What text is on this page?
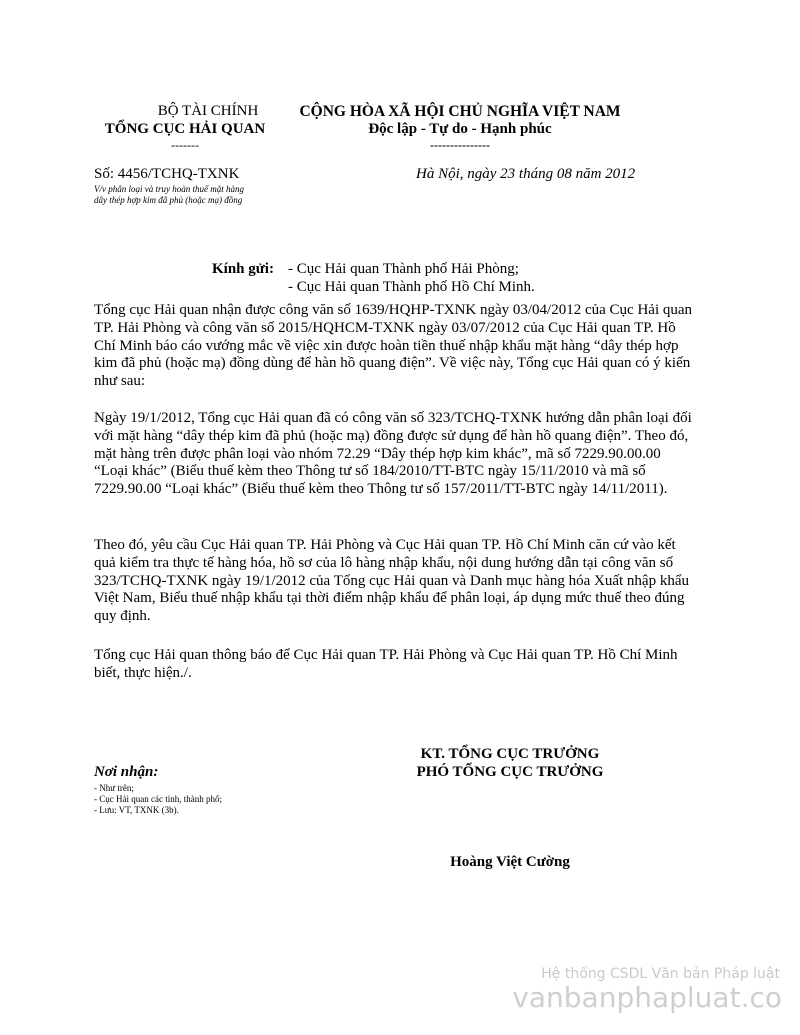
BỘ TÀI CHÍNH
TỔNG CỤC HẢI QUAN
-------
CỘNG HÒA XÃ HỘI CHỦ NGHĨA VIỆT NAM
Độc lập - Tự do - Hạnh phúc
---------------
Số: 4456/TCHQ-TXNK
V/v phân loại và truy hoàn thuế mặt hàng
dây thép hợp kim đã phủ (hoặc mạ) đồng
Hà Nội, ngày 23 tháng 08 năm 2012
Kính gửi: - Cục Hải quan Thành phố Hải Phòng;
- Cục Hải quan Thành phố Hồ Chí Minh.

Tổng cục Hải quan nhận được công văn số 1639/HQHP-TXNK ngày 03/04/2012 của Cục Hải quan TP. Hải Phòng và công văn số 2015/HQHCM-TXNK ngày 03/07/2012 của Cục Hải quan TP. Hồ Chí Minh báo cáo vướng mắc về việc xin được hoàn tiền thuế nhập khẩu mặt hàng “dây thép hợp kim đã phủ (hoặc mạ) đồng dùng để hàn hồ quang điện”. Về việc này, Tổng cục Hải quan có ý kiến như sau:

Ngày 19/1/2012, Tổng cục Hải quan đã có công văn số 323/TCHQ-TXNK hướng dẫn phân loại đối với mặt hàng “dây thép kim đã phủ (hoặc mạ) đồng được sử dụng để hàn hồ quang điện”. Theo đó, mặt hàng trên được phân loại vào nhóm 72.29 “Dây thép hợp kim khác”, mã số 7229.90.00.00 “Loại khác” (Biểu thuế kèm theo Thông tư số 184/2010/TT-BTC ngày 15/11/2010 và mã số 7229.90.00 “Loại khác” (Biểu thuế kèm theo Thông tư số 157/2011/TT-BTC ngày 14/11/2011).

Theo đó, yêu cầu Cục Hải quan TP. Hải Phòng và Cục Hải quan TP. Hồ Chí Minh căn cứ vào kết quả kiểm tra thực tế hàng hóa, hồ sơ của lô hàng nhập khẩu, nội dung hướng dẫn tại công văn số 323/TCHQ-TXNK ngày 19/1/2012 của Tổng cục Hải quan và Danh mục hàng hóa Xuất nhập khẩu Việt Nam, Biểu thuế nhập khẩu tại thời điểm nhập khẩu để phân loại, áp dụng mức thuế theo đúng quy định.

Tổng cục Hải quan thông báo để Cục Hải quan TP. Hải Phòng và Cục Hải quan TP. Hồ Chí Minh biết, thực hiện./.

KT. TỔNG CỤC TRƯỞNG
PHÓ TỔNG CỤC TRƯỞNG
Hoàng Việt Cường
Nơi nhận:
- Như trên;
- Cục Hải quan các tỉnh, thành phố;
- Lưu: VT, TXNK (3b).
Hệ thống CSDL Văn bản Pháp luật
vanbanphapluat.co
